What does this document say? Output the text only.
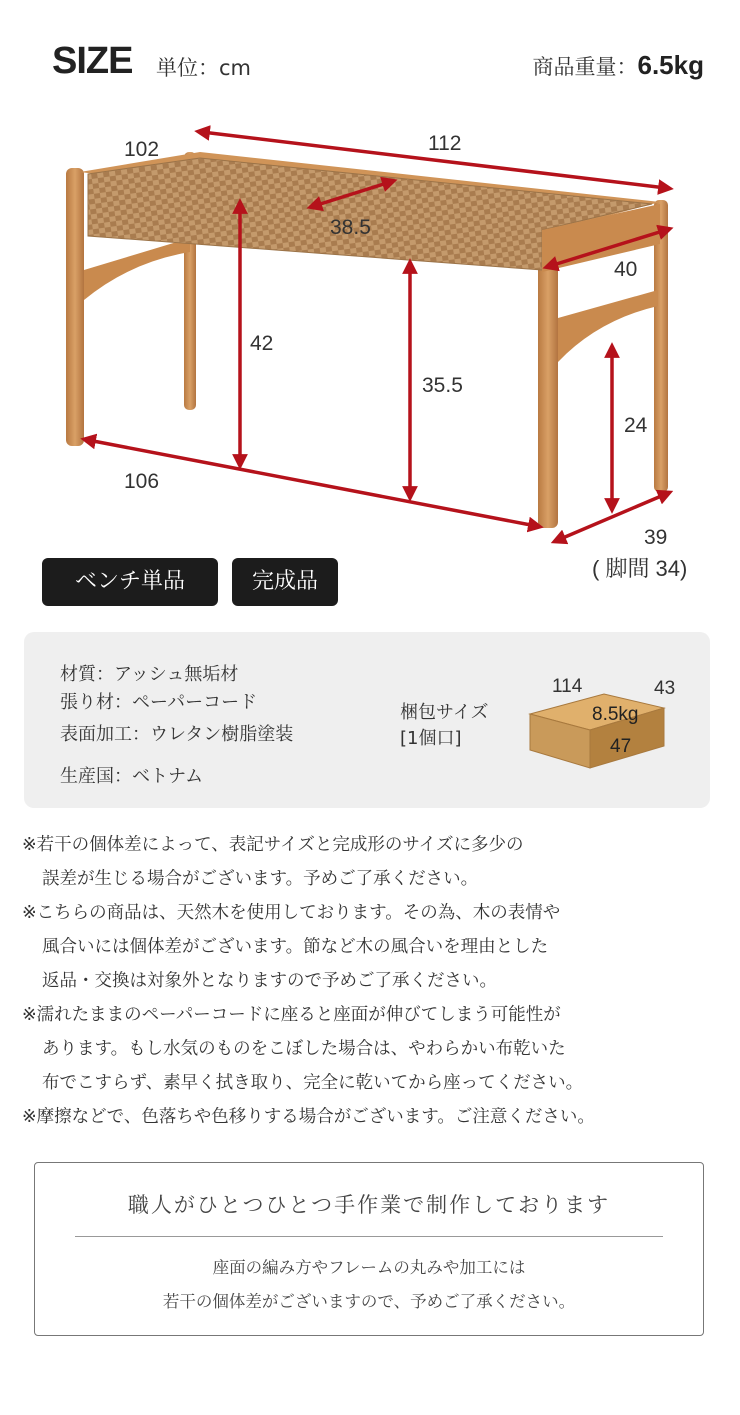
SIZE 単位：cm	商品重量：6.5kg
102	112
38.5
40
42
35.5
24
106
39
( 脚間 34)
ベンチ単品	完成品
材質：アッシュ無垢材
張り材：ペーパーコード
表面加工：ウレタン樹脂塗装
生産国：ベトナム
梱包サイズ
[1個口]
114	43
8.5kg
47
※若干の個体差によって、表記サイズと完成形のサイズに多少の
誤差が生じる場合がございます。予めご了承ください。
※こちらの商品は、天然木を使用しております。その為、木の表情や
風合いには個体差がございます。節など木の風合いを理由とした
返品・交換は対象外となりますので予めご了承ください。
※濡れたままのペーパーコードに座ると座面が伸びてしまう可能性が
あります。もし水気のものをこぼした場合は、やわらかい布乾いた
布でこすらず、素早く拭き取り、完全に乾いてから座ってください。
※摩擦などで、色落ちや色移りする場合がございます。ご注意ください。
職人がひとつひとつ手作業で制作しております
座面の編み方やフレームの丸みや加工には
若干の個体差がございますので、予めご了承ください。
